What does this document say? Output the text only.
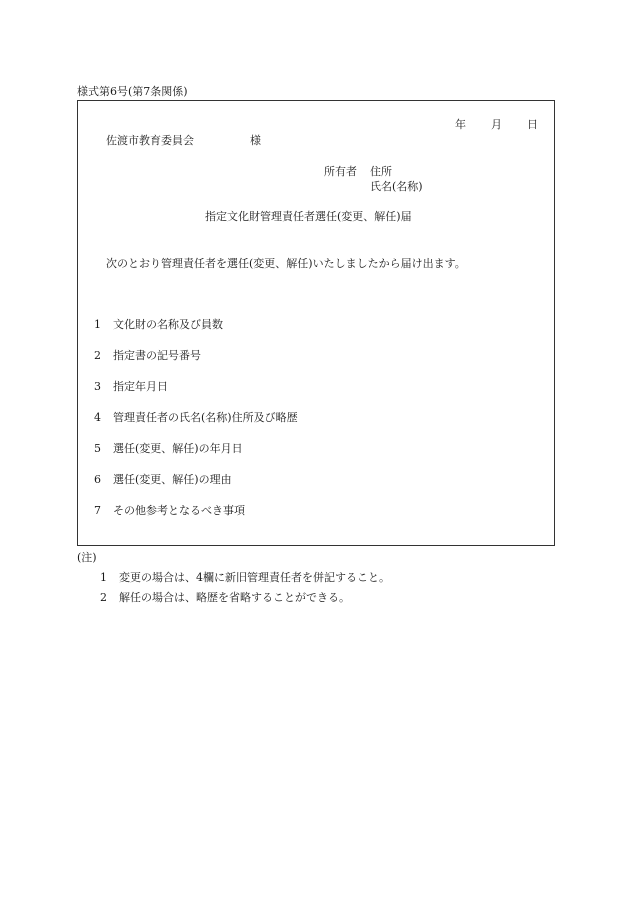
様式第6号(第7条関係)
年 月 日
佐渡市教育委員会	様
所有者 住所
氏名(名称)
指定文化財管理責任者選任(変更、解任)届
次のとおり管理責任者を選任(変更、解任)いたしましたから届け出ます。
1 文化財の名称及び員数
2 指定書の記号番号
3 指定年月日
4 管理責任者の氏名(名称)住所及び略歴
5 選任(変更、解任)の年月日
6 選任(変更、解任)の理由
7 その他参考となるべき事項
(注)
1 変更の場合は、4欄に新旧管理責任者を併記すること。
2 解任の場合は、略歴を省略することができる。
